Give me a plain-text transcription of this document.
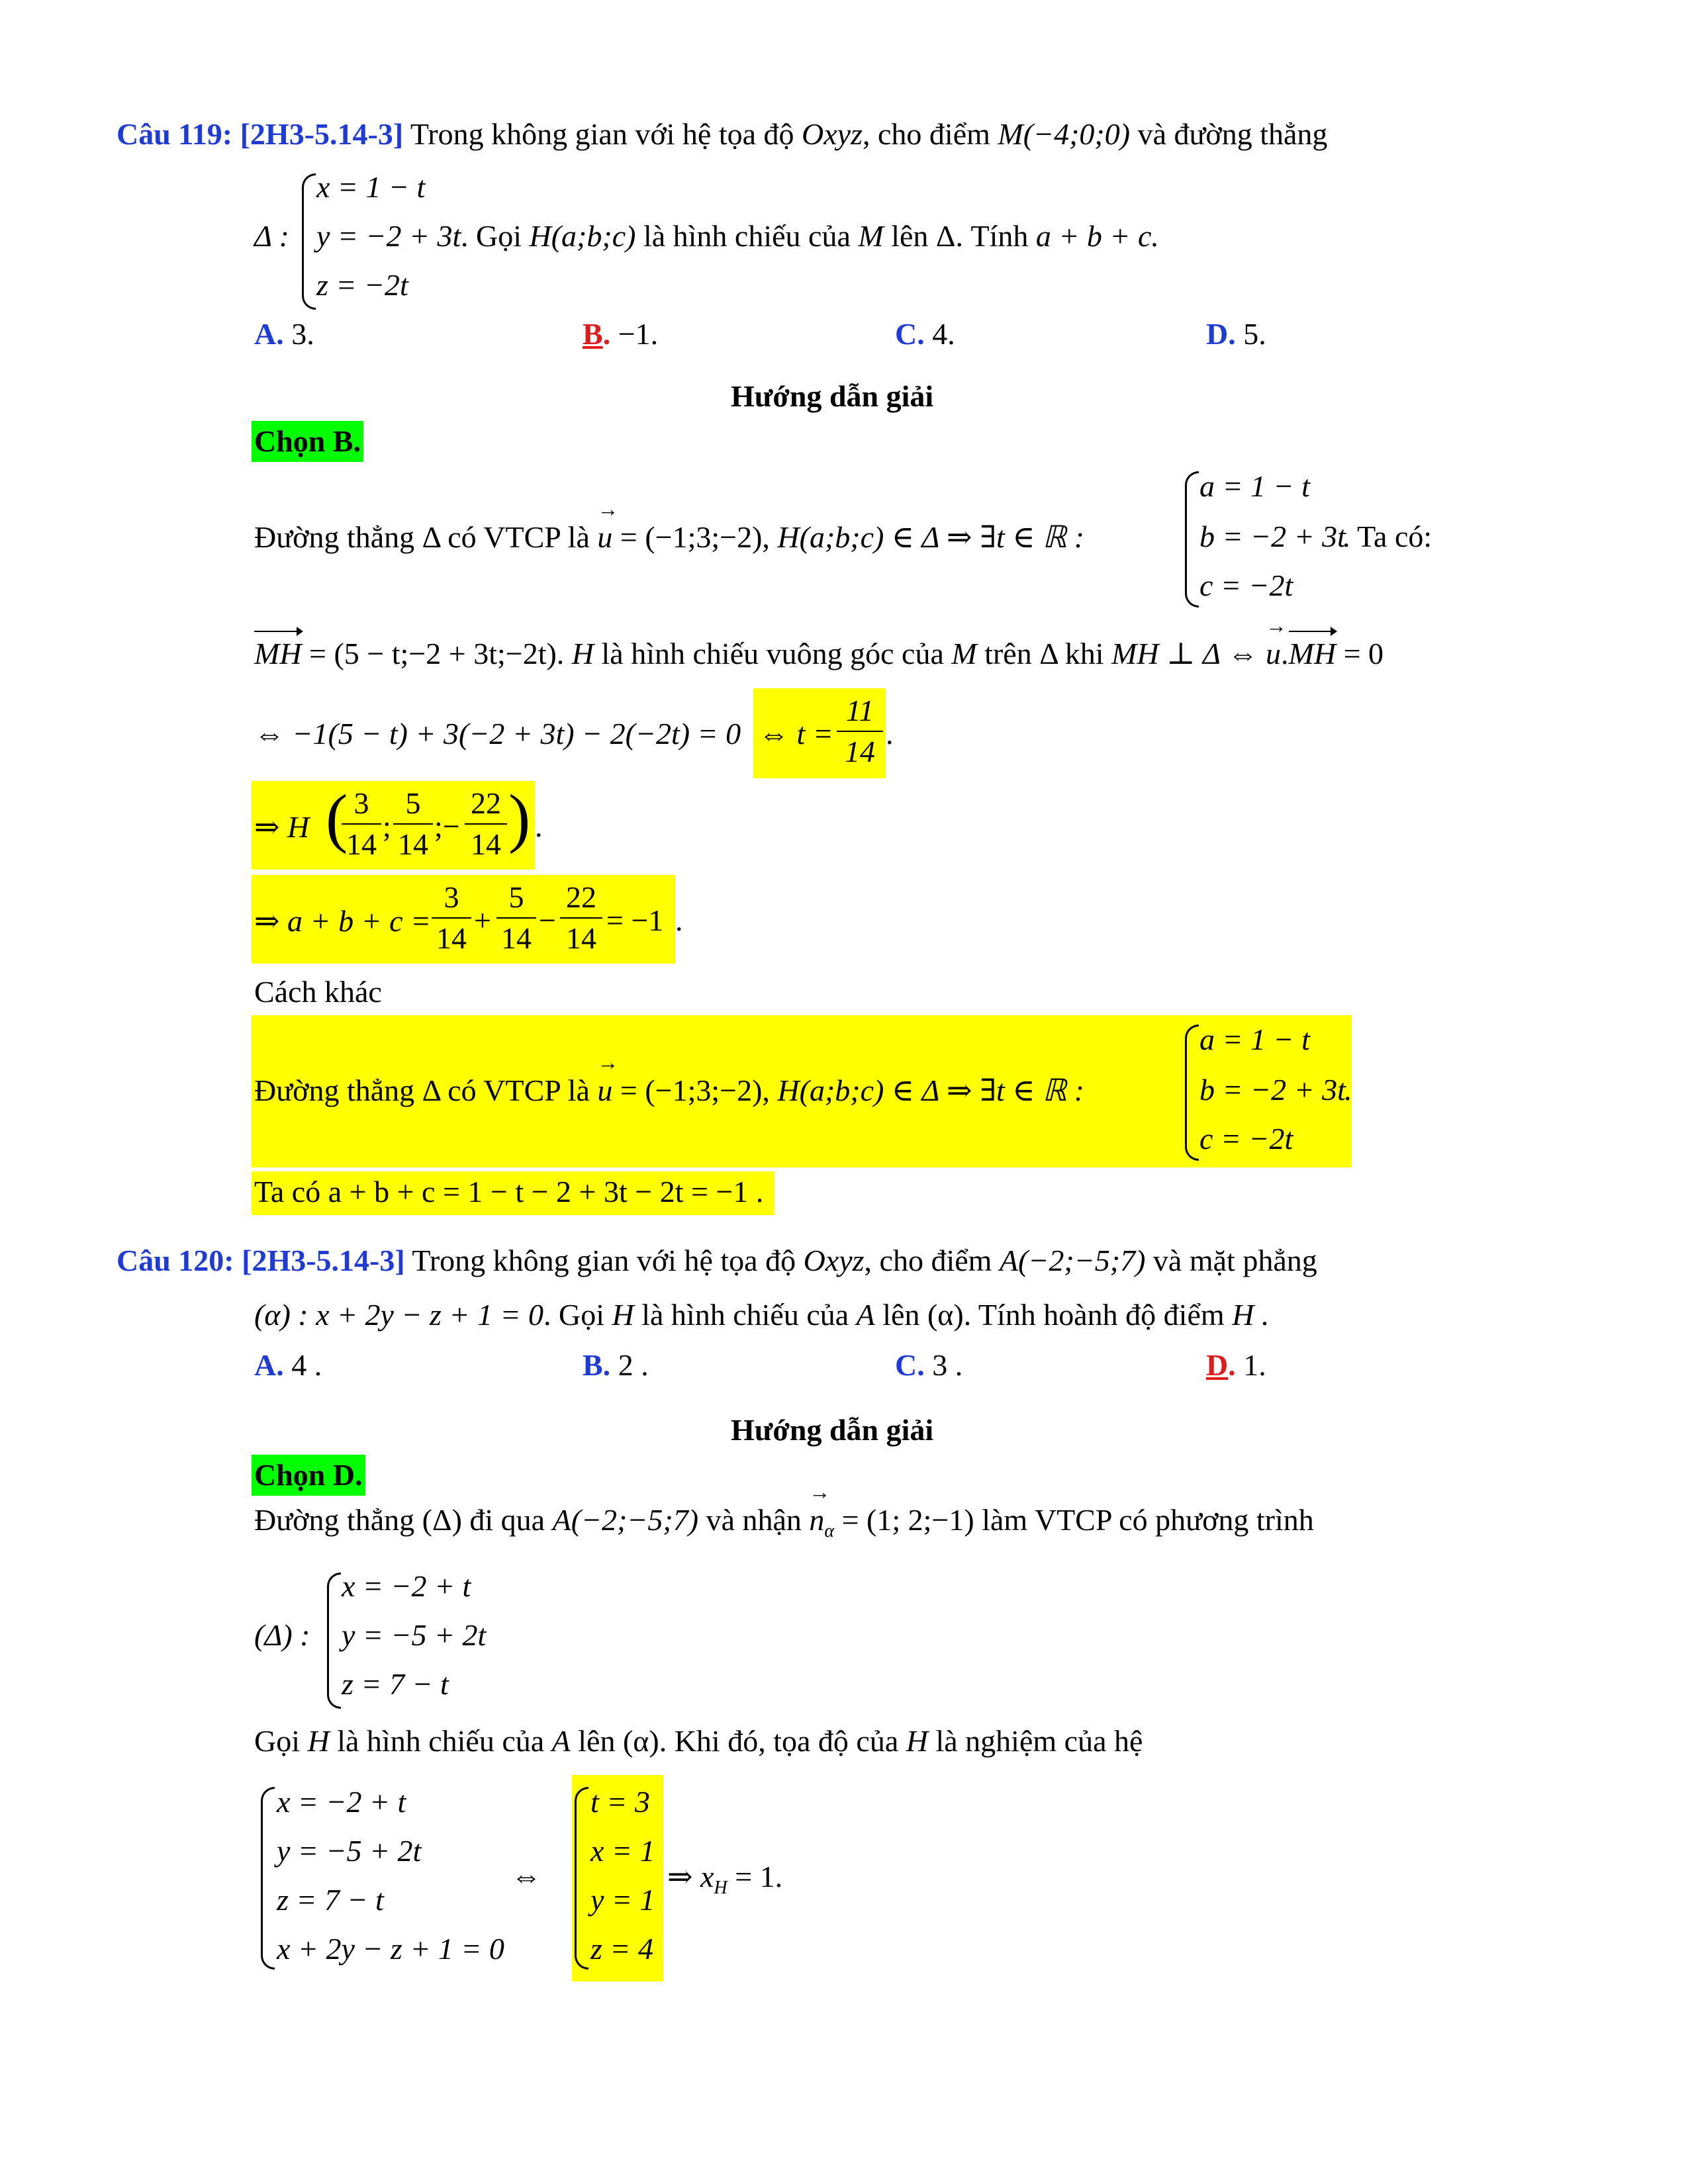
Câu 119: [2H3-5.14-3] Trong không gian với hệ tọa độ Oxyz, cho điểm M(−4;0;0) và đường thẳng
Δ :
x = 1 − t
y = −2 + 3t
z = −2t
. Gọi H(a;b;c) là hình chiếu của M lên Δ. Tính a + b + c.
A. 3.	B. −1.	C. 4.	D. 5.
Hướng dẫn giải
Chọn B.
Đường thẳng Δ có VTCP là → u = (−1;3;−2), H(a;b;c) ∈ Δ ⇒ ∃t ∈ ℝ :
a = 1 − t
b = −2 + 3t
c = −2t
. Ta có:
MH = (5 − t;−2 + 3t;−2t). H là hình chiếu vuông góc của M trên Δ khi MH ⊥ Δ ⇔ → u.MH = 0
⇔ −1(5 − t) + 3(−2 + 3t) − 2(−2t) = 0 ⇔ $t = \frac{11}{14}$ .
⇒ H (
$\frac{3}{14}$ ; $\frac{5}{14}$ ;− $\frac{22}{14}$ ) .
⇒ $a + b + c = \frac{3}{14} + \frac{5}{14} - \frac{22}{14} = -1$ .
Cách khác
Đường thẳng Δ có VTCP là → u = (−1;3;−2), H(a;b;c) ∈ Δ ⇒ ∃t ∈ ℝ :
a = 1 − t
b = −2 + 3t
c = −2t
.
Ta có a + b + c = 1 − t − 2 + 3t − 2t = −1 .
Câu 120: [2H3-5.14-3] Trong không gian với hệ tọa độ Oxyz, cho điểm A(−2;−5;7) và mặt phẳng
(α) : x + 2y − z + 1 = 0. Gọi H là hình chiếu của A lên (α). Tính hoành độ điểm H .
A. 4 .	B. 2 .	C. 3 .	D. 1.
Hướng dẫn giải
Chọn D.
Đường thẳng (Δ) đi qua A(−2;−5;7) và nhận → $n_\alpha = (1$; 2;−1) làm VTCP có phương trình
(Δ) :
x = −2 + t
y = −5 + 2t
z = 7 − t
Gọi H là hình chiếu của A lên (α). Khi đó, tọa độ của H là nghiệm của hệ
x = −2 + t
y = −5 + 2t
z = 7 − t
x + 2y − z + 1 = 0
⇔
t = 3
x = 1
y = 1
z = 4
⇒ $x_H = 1$.
